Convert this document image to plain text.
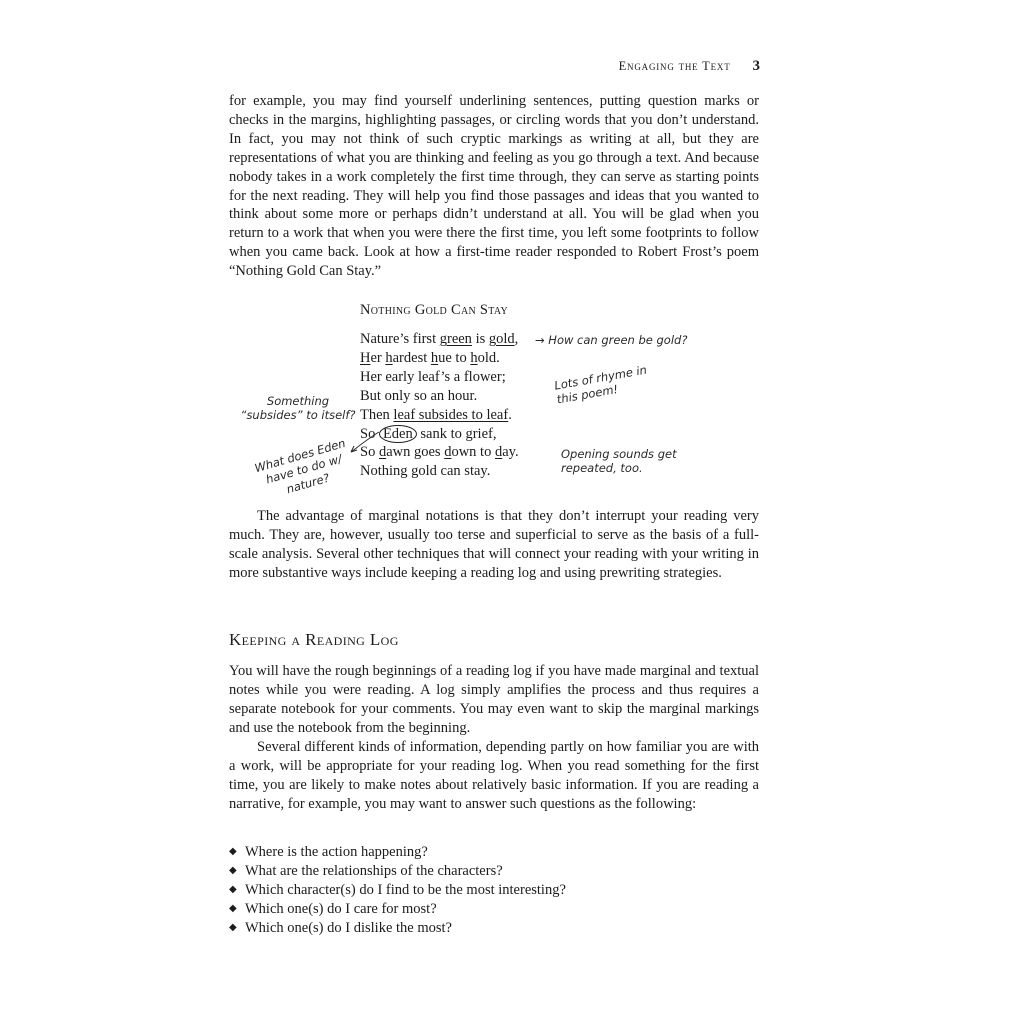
Engaging the Text 3

for example, you may find yourself underlining sentences, putting question marks or checks in the margins, highlighting passages, or circling words that you don’t understand. In fact, you may not think of such cryptic markings as writing at all, but they are representations of what you are thinking and feeling as you go through a text. And because nobody takes in a work completely the first time through, they can serve as starting points for the next reading. They will help you find those passages and ideas that you wanted to think about some more or perhaps didn’t understand at all. You will be glad when you return to a work that when you were there the first time, you left some footprints to follow when you came back. Look at how a first-time reader responded to Robert Frost’s poem “Nothing Gold Can Stay.”

Nothing Gold Can Stay
Nature’s first green is gold,
Her hardest hue to hold.
Her early leaf’s a flower;
But only so an hour.
Then leaf subsides to leaf.
So Eden sank to grief,
So dawn goes down to day.
Nothing gold can stay.
→ How can green be gold?
Lots of rhyme in this poem!
Something “subsides” to itself?
What does Eden have to do w/ nature?
Opening sounds get repeated, too.

The advantage of marginal notations is that they don’t interrupt your reading very much. They are, however, usually too terse and superficial to serve as the basis of a full-scale analysis. Several other techniques that will connect your reading with your writing in more substantive ways include keeping a reading log and using prewriting strategies.

Keeping a Reading Log

You will have the rough beginnings of a reading log if you have made marginal and textual notes while you were reading. A log simply amplifies the process and thus requires a separate notebook for your comments. You may even want to skip the marginal markings and use the notebook from the beginning.

Several different kinds of information, depending partly on how familiar you are with a work, will be appropriate for your reading log. When you read something for the first time, you are likely to make notes about relatively basic information. If you are reading a narrative, for example, you may want to answer such questions as the following:

◆ Where is the action happening?
◆ What are the relationships of the characters?
◆ Which character(s) do I find to be the most interesting?
◆ Which one(s) do I care for most?
◆ Which one(s) do I dislike the most?
